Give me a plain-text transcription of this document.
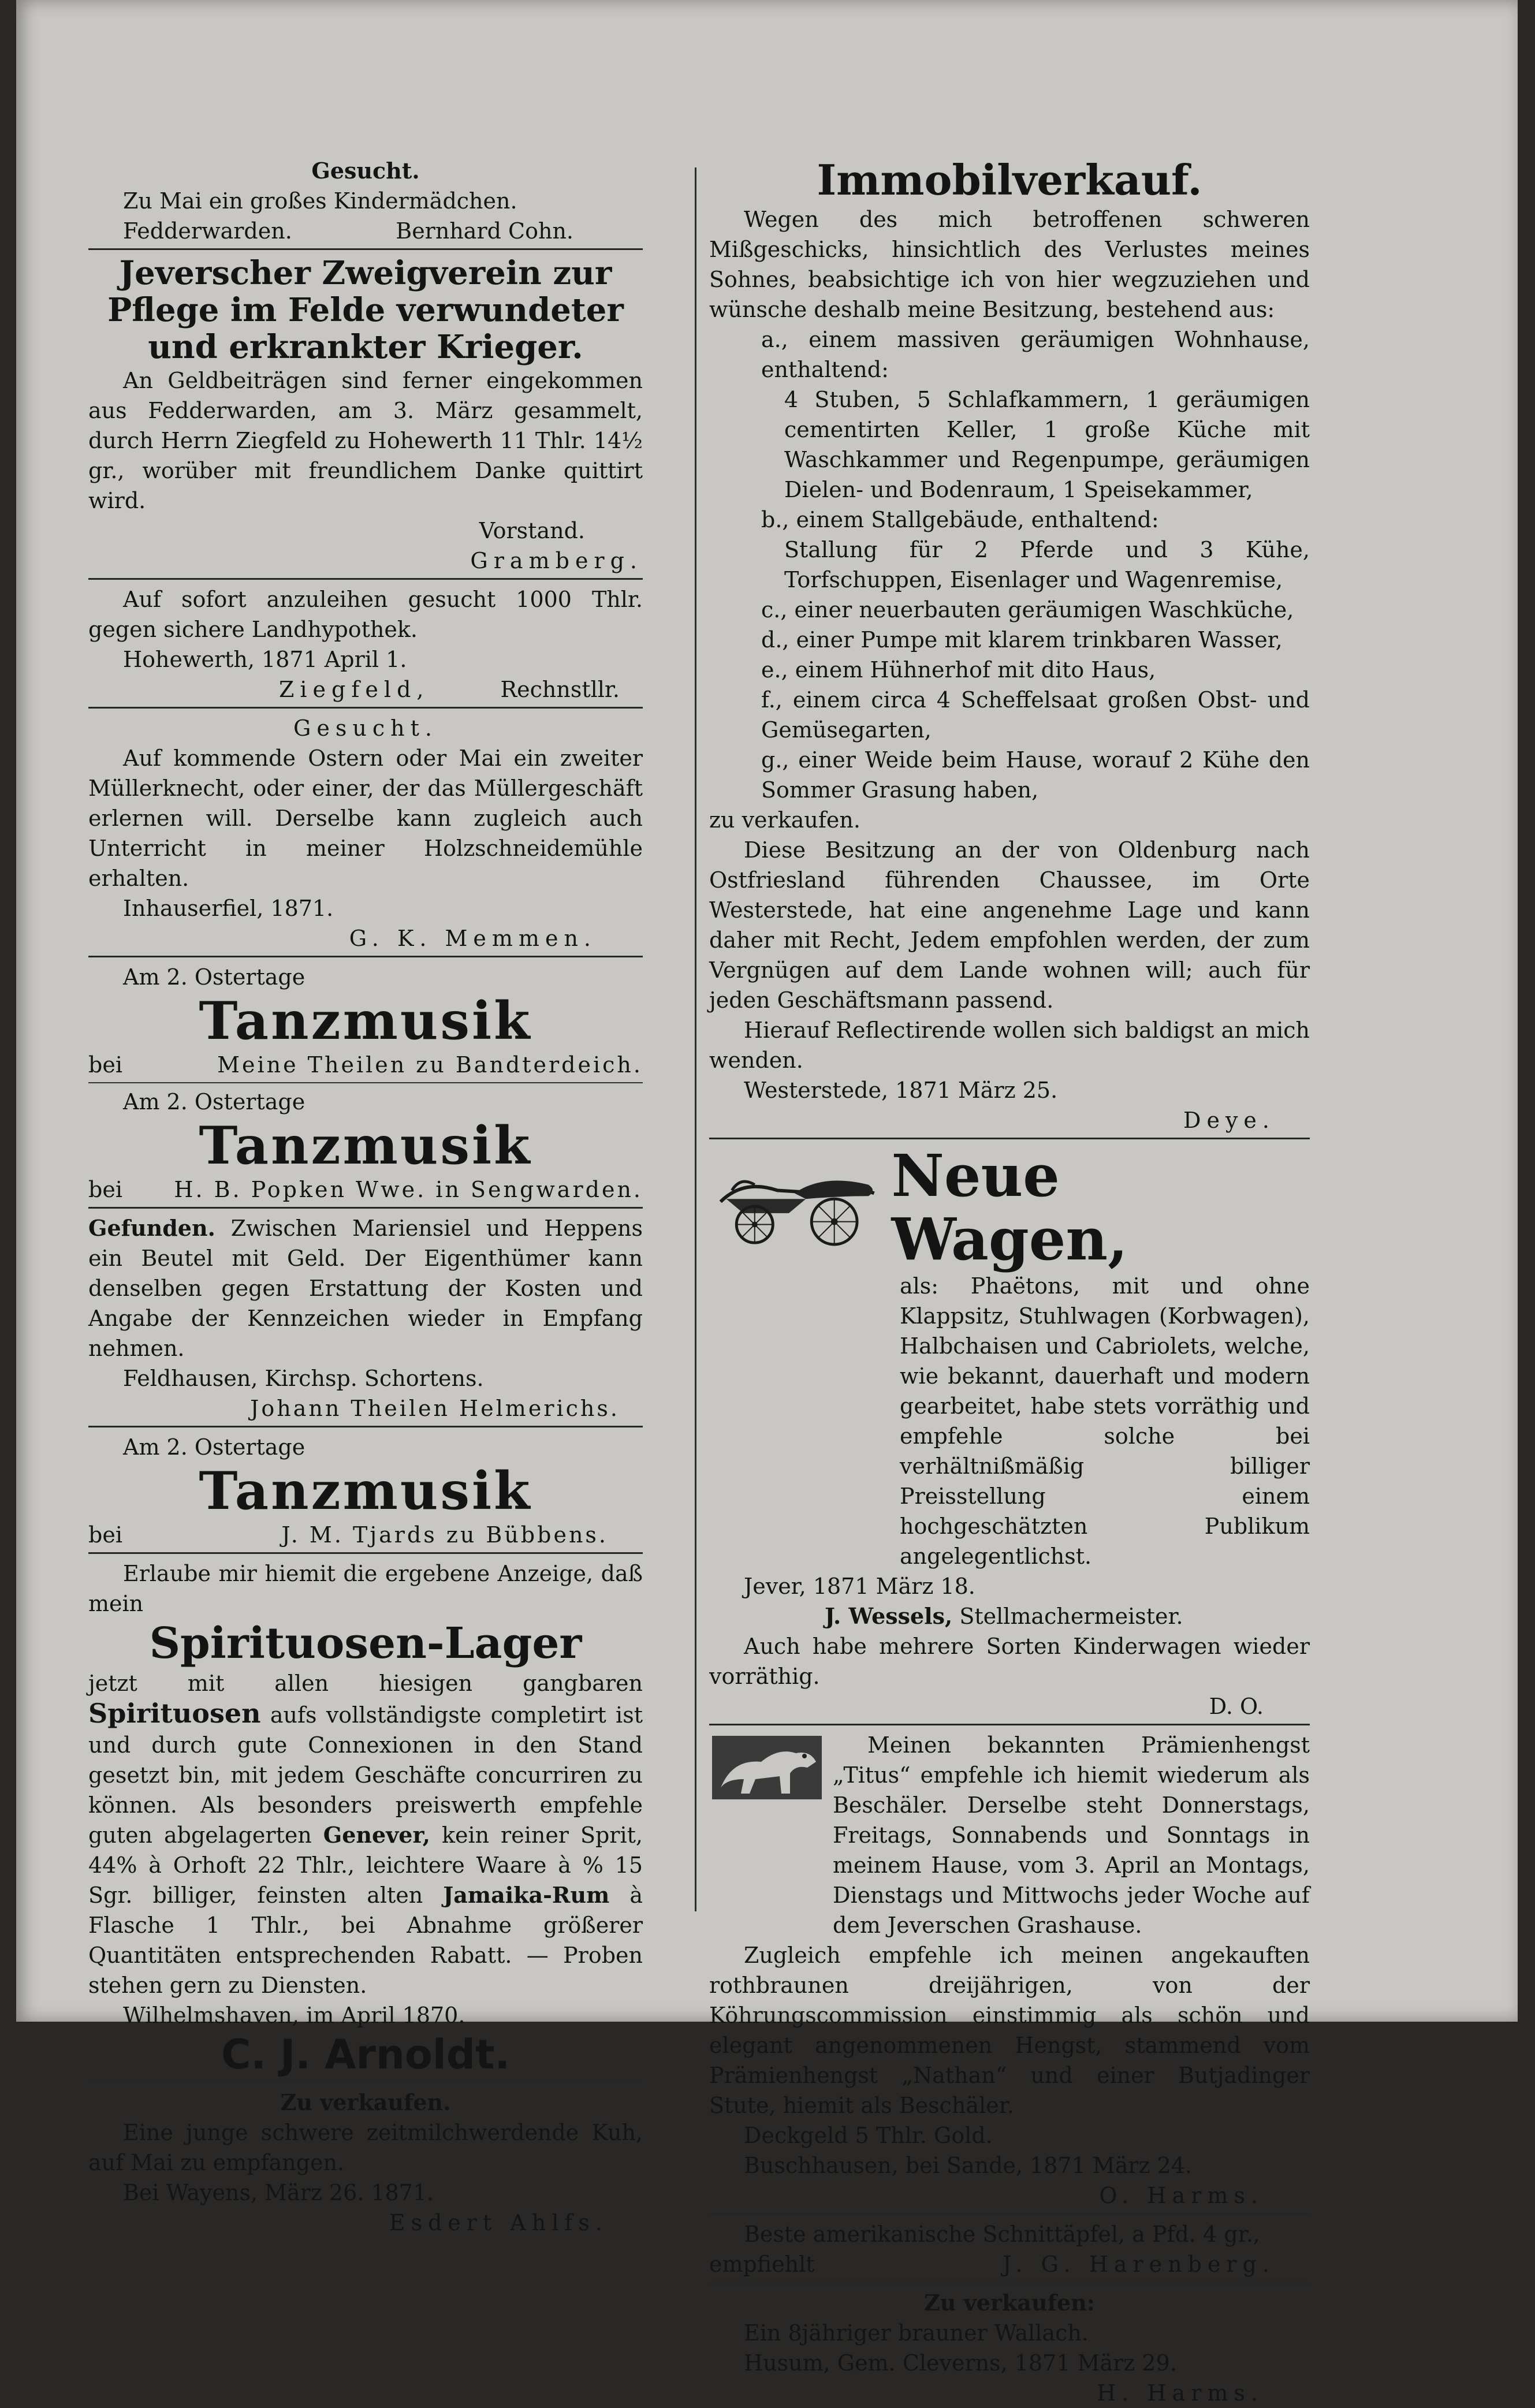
Gesucht.

Zu Mai ein großes Kindermädchen.

Fedderwarden.	Bernhard Cohn.

Jeverscher Zweigverein zur Pflege im Felde verwundeter und erkrankter Krieger.

An Geldbeiträgen sind ferner eingekommen aus Fedderwarden, am 3. März gesammelt, durch Herrn Ziegfeld zu Hohewerth 11 Thlr. 14½ gr., worüber mit freundlichem Danke quittirt wird.

Vorstand.

Gramberg.

Auf sofort anzuleihen gesucht 1000 Thlr. gegen sichere Landhypothek.

Hohewerth, 1871 April 1.

Ziegfeld,	Rechnstllr.

Gesucht.

Auf kommende Ostern oder Mai ein zweiter Müllerknecht, oder einer, der das Müllergeschäft erlernen will. Derselbe kann zugleich auch Unterricht in meiner Holzschneidemühle erhalten.

Inhauserfiel, 1871.

G. K. Memmen.

Am 2. Ostertage

Tanzmusik

bei	Meine Theilen zu Bandterdeich.

Am 2. Ostertage

Tanzmusik

bei H. B. Popken Wwe. in Sengwarden.

Gefunden. Zwischen Mariensiel und Heppens ein Beutel mit Geld. Der Eigenthümer kann denselben gegen Erstattung der Kosten und Angabe der Kennzeichen wieder in Empfang nehmen.

Feldhausen, Kirchsp. Schortens.

Johann Theilen Helmerichs.

Am 2. Ostertage

Tanzmusik

bei	J. M. Tjards zu Bübbens.

Erlaube mir hiemit die ergebene Anzeige, daß mein

Spirituosen-Lager

jetzt mit allen hiesigen gangbaren Spirituosen aufs vollständigste completirt ist und durch gute Connexionen in den Stand gesetzt bin, mit jedem Geschäfte concurriren zu können. Als besonders preiswerth empfehle guten abgelagerten Genever, kein reiner Sprit, 44% à Orhoft 22 Thlr., leichtere Waare à % 15 Sgr. billiger, feinsten alten Jamaika-Rum à Flasche 1 Thlr., bei Abnahme größerer Quantitäten entsprechenden Rabatt. — Proben stehen gern zu Diensten.

Wilhelmshaven, im April 1870.

C. J. Arnoldt.

Zu verkaufen.

Eine junge schwere zeitmilchwerdende Kuh, auf Mai zu empfangen.

Bei Wayens, März 26. 1871.

Esdert Ahlfs.

Immobilverkauf.

Wegen des mich betroffenen schweren Mißgeschicks, hinsichtlich des Verlustes meines Sohnes, beabsichtige ich von hier wegzuziehen und wünsche deshalb meine Besitzung, bestehend aus:

a., einem massiven geräumigen Wohnhause, enthaltend:

4 Stuben, 5 Schlafkammern, 1 geräumigen cementirten Keller, 1 große Küche mit Waschkammer und Regenpumpe, geräumigen Dielen- und Bodenraum, 1 Speisekammer,

b., einem Stallgebäude, enthaltend:

Stallung für 2 Pferde und 3 Kühe, Torfschuppen, Eisenlager und Wagenremise,

c., einer neuerbauten geräumigen Waschküche,

d., einer Pumpe mit klarem trinkbaren Wasser,

e., einem Hühnerhof mit dito Haus,

f., einem circa 4 Scheffelsaat großen Obst- und Gemüsegarten,

g., einer Weide beim Hause, worauf 2 Kühe den Sommer Grasung haben,

zu verkaufen.

Diese Besitzung an der von Oldenburg nach Ostfriesland führenden Chaussee, im Orte Westerstede, hat eine angenehme Lage und kann daher mit Recht, Jedem empfohlen werden, der zum Vergnügen auf dem Lande wohnen will; auch für jeden Geschäftsmann passend.

Hierauf Reflectirende wollen sich baldigst an mich wenden.

Westerstede, 1871 März 25.

Deye.

Neue Wagen,

als: Phaëtons, mit und ohne Klappsitz, Stuhlwagen (Korbwagen), Halbchaisen und Cabriolets, welche, wie bekannt, dauerhaft und modern gearbeitet, habe stets vorräthig und empfehle solche bei verhältnißmäßig billiger Preisstellung einem hochgeschätzten Publikum angelegentlichst.

Jever, 1871 März 18.

J. Wessels, Stellmachermeister.

Auch habe mehrere Sorten Kinderwagen wieder vorräthig.

D. O.

Meinen bekannten Prämienhengst „Titus“ empfehle ich hiemit wiederum als Beschäler. Derselbe steht Donnerstags, Freitags, Sonnabends und Sonntags in meinem Hause, vom 3. April an Montags, Dienstags und Mittwochs jeder Woche auf dem Jeverschen Grashause.

Zugleich empfehle ich meinen angekauften rothbraunen dreijährigen, von der Köhrungscommission einstimmig als schön und elegant angenommenen Hengst, stammend vom Prämienhengst „Nathan“ und einer Butjadinger Stute, hiemit als Beschäler.

Deckgeld 5 Thlr. Gold.

Buschhausen, bei Sande, 1871 März 24.

O. Harms.

Beste amerikanische Schnittäpfel, a Pfd. 4 gr.,

empfiehlt	J. G. Harenberg.

Zu verkaufen:

Ein 8jähriger brauner Wallach.

Husum, Gem. Cleverns, 1871 März 29.

H. Harms.
